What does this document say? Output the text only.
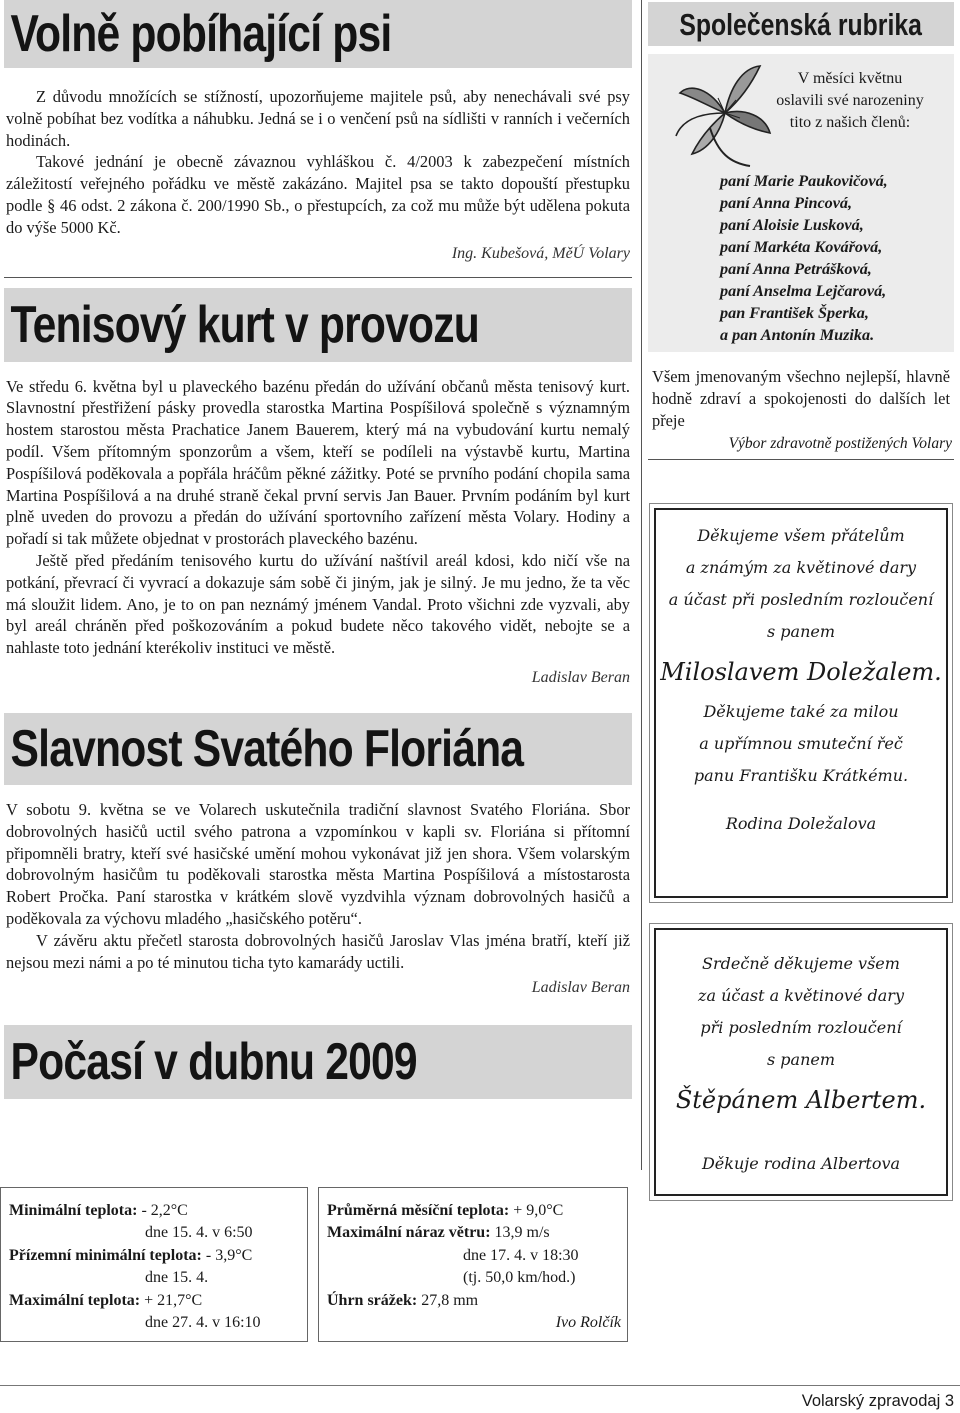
Volně pobíhající psi

Z důvodu množících se stížností, upozorňujeme majitele psů, aby nenechávali své psy volně pobíhat bez vodítka a náhubku. Jedná se i o venčení psů na sídlišti v ranních i večerních hodinách.

Takové jednání je obecně závaznou vyhláškou č. 4/2003 k zabezpečení místních záležitostí veřejného pořádku ve městě zakázáno. Majitel psa se takto dopouští přestupku podle § 46 odst. 2 zákona č. 200/1990 Sb., o přestupcích, za což mu může být udělena pokuta do výše 5000 Kč.

Ing. Kubešová, MěÚ Volary
Tenisový kurt v provozu

Ve středu 6. května byl u plaveckého bazénu předán do užívání občanů města tenisový kurt. Slavnostní přestřižení pásky provedla starostka Martina Pospíšilová společně s významným hostem starostou města Prachatice Janem Bauerem, který má na vybudování kurtu nemalý podíl. Všem přítomným sponzorům a všem, kteří se podíleli na výstavbě kurtu, Martina Pospíšilová poděkovala a popřála hráčům pěkné zážitky. Poté se prvního podání chopila sama Martina Pospíšilová a na druhé straně čekal první servis Jan Bauer. Prvním podáním byl kurt plně uveden do provozu a předán do užívání sportovního zařízení města Volary. Hodiny a pořadí si tak můžete objednat v prostorách plaveckého bazénu.

Ještě před předáním tenisového kurtu do užívání naštívil areál kdosi, kdo ničí vše na potkání, převrací či vyvrací a dokazuje sám sobě či jiným, jak je silný. Je mu jedno, že ta věc má sloužit lidem. Ano, je to on pan neznámý jménem Vandal. Proto všichni zde vyzvali, aby byl areál chráněn před poškozováním a pokud budete něco takového vidět, nebojte se a nahlaste toto jednání kterékoliv instituci ve městě.

Ladislav Beran
Slavnost Svatého Floriána

V sobotu 9. května se ve Volarech uskutečnila tradiční slavnost Svatého Floriána. Sbor dobrovolných hasičů uctil svého patrona a vzpomínkou v kapli sv. Floriána si přítomní připomněli bratry, kteří své hasičské umění mohou vykonávat již jen shora. Všem volarským dobrovolným hasičům tu poděkovali starostka města Martina Pospíšilová a místostarosta Robert Pročka. Paní starostka v krátkém slově vyzdvihla význam dobrovolných hasičů a poděkovala za výchovu mladého „hasičského potěru“.

V závěru aktu přečetl starosta dobrovolných hasičů Jaroslav Vlas jména bratří, kteří již nejsou mezi námi a po té minutou ticha tyto kamarády uctili.

Ladislav Beran
Počasí v dubnu 2009
Minimální teplota: - 2,2°C
dne 15. 4. v 6:50
Přízemní minimální teplota: - 3,9°C
dne 15. 4.
Maximální teplota: + 21,7°C
dne 27. 4. v 16:10
Průměrná měsíční teplota: + 9,0°C
Maximální náraz větru: 13,9 m/s
dne 17. 4. v 18:30
(tj. 50,0 km/hod.)
Úhrn srážek: 27,8 mm
Ivo Rolčík
Společenská rubrika
V měsíci květnu
oslavili své narozeniny
tito z našich členů:
paní Marie Paukovičová,
paní Anna Pincová,
paní Aloisie Lusková,
paní Markéta Kovářová,
paní Anna Petrášková,
paní Anselma Lejčarová,
pan František Šperka,
a pan Antonín Muzika.
Všem jmenovaným všechno nejlepší, hlavně hodně zdraví a spokojenosti do dalších let přeje
Výbor zdravotně postižených Volary
Děkujeme všem přátelům
a známým za květinové dary
a účast při posledním rozloučení
s panem
Miloslavem Doležalem.
Děkujeme také za milou
a upřímnou smuteční řeč
panu Františku Krátkému.
Rodina Doležalova
Srdečně děkujeme všem
za účast a květinové dary
při posledním rozloučení
s panem
Štěpánem Albertem.
Děkuje rodina Albertova
Volarský zpravodaj 3
